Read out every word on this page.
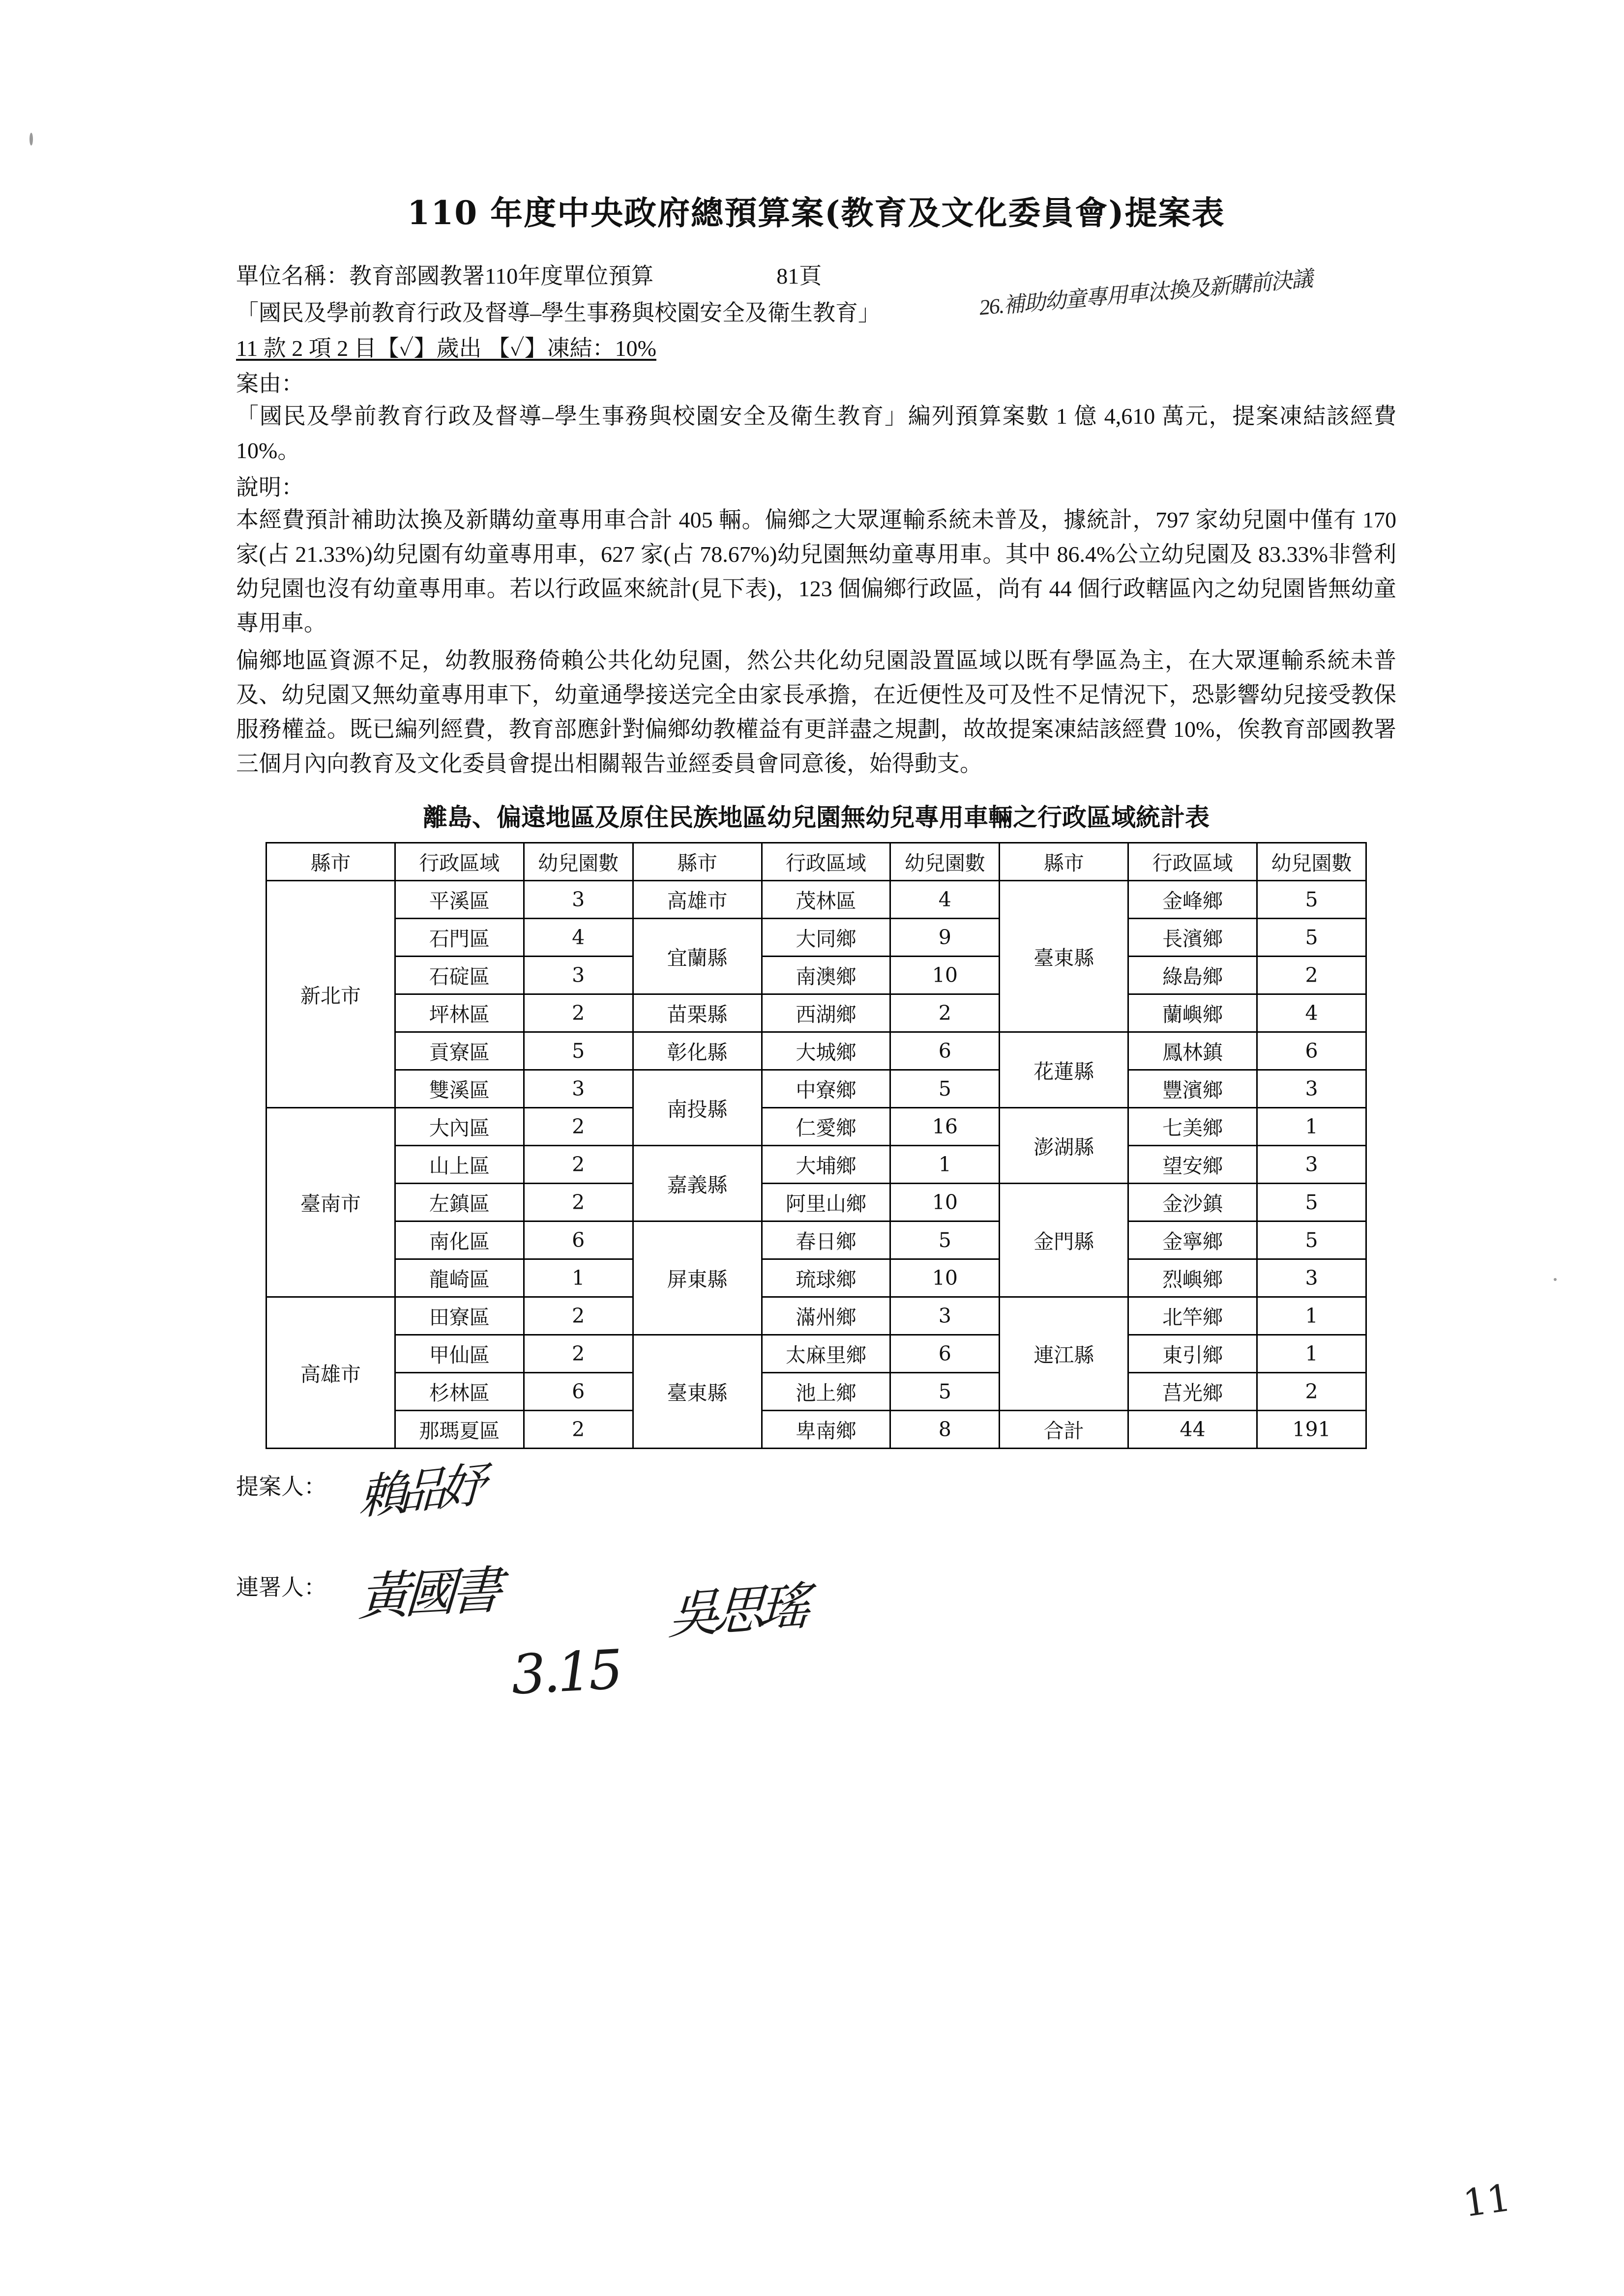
110 年度中央政府總預算案(教育及文化委員會)提案表
單位名稱：教育部國教署110年度單位預算	81頁
「國民及學前教育行政及督導–學生事務與校園安全及衛生教育」
11 款 2 項 2 目【✓】歲出 【✓】凍結：10%
案由：
「國民及學前教育行政及督導–學生事務與校園安全及衛生教育」編列預算案數 1 億 4,610 萬元，提案凍結該經費 10%。
說明：
本經費預計補助汰換及新購幼童專用車合計 405 輛。偏鄉之大眾運輸系統未普及，據統計，797 家幼兒園中僅有 170 家(占 21.33%)幼兒園有幼童專用車，627 家(占 78.67%)幼兒園無幼童專用車。其中 86.4%公立幼兒園及 83.33%非營利幼兒園也沒有幼童專用車。若以行政區來統計(見下表)，123 個偏鄉行政區，尚有 44 個行政轄區內之幼兒園皆無幼童專用車。
偏鄉地區資源不足，幼教服務倚賴公共化幼兒園，然公共化幼兒園設置區域以既有學區為主，在大眾運輸系統未普及、幼兒園又無幼童專用車下，幼童通學接送完全由家長承擔，在近便性及可及性不足情況下，恐影響幼兒接受教保服務權益。既已編列經費，教育部應針對偏鄉幼教權益有更詳盡之規劃，故故提案凍結該經費 10%，俟教育部國教署三個月內向教育及文化委員會提出相關報告並經委員會同意後，始得動支。
離島、偏遠地區及原住民族地區幼兒園無幼兒專用車輛之行政區域統計表
縣市	行政區域	幼兒園數	縣市	行政區域	幼兒園數	縣市	行政區域	幼兒園數
新北市	平溪區	3	高雄市	茂林區	4	臺東縣	金峰鄉	5
	石門區	4	宜蘭縣	大同鄉	9		長濱鄉	5
	石碇區	3		南澳鄉	10		綠島鄉	2
	坪林區	2	苗栗縣	西湖鄉	2		蘭嶼鄉	4
	貢寮區	5	彰化縣	大城鄉	6	花蓮縣	鳳林鎮	6
	雙溪區	3	南投縣	中寮鄉	5		豐濱鄉	3
臺南市	大內區	2		仁愛鄉	16	澎湖縣	七美鄉	1
	山上區	2	嘉義縣	大埔鄉	1		望安鄉	3
	左鎮區	2		阿里山鄉	10	金門縣	金沙鎮	5
	南化區	6	屏東縣	春日鄉	5		金寧鄉	5
	龍崎區	1		琉球鄉	10		烈嶼鄉	3
高雄市	田寮區	2		滿州鄉	3	連江縣	北竿鄉	1
	甲仙區	2	臺東縣	太麻里鄉	6		東引鄉	1
	杉林區	6		池上鄉	5		莒光鄉	2
	那瑪夏區	2		卑南鄉	8	合計	44	191
提案人：
連署人：
賴品妤
黃國書	吳思瑤
3.15
26.補助幼童專用車汰換及新購前決議
11
